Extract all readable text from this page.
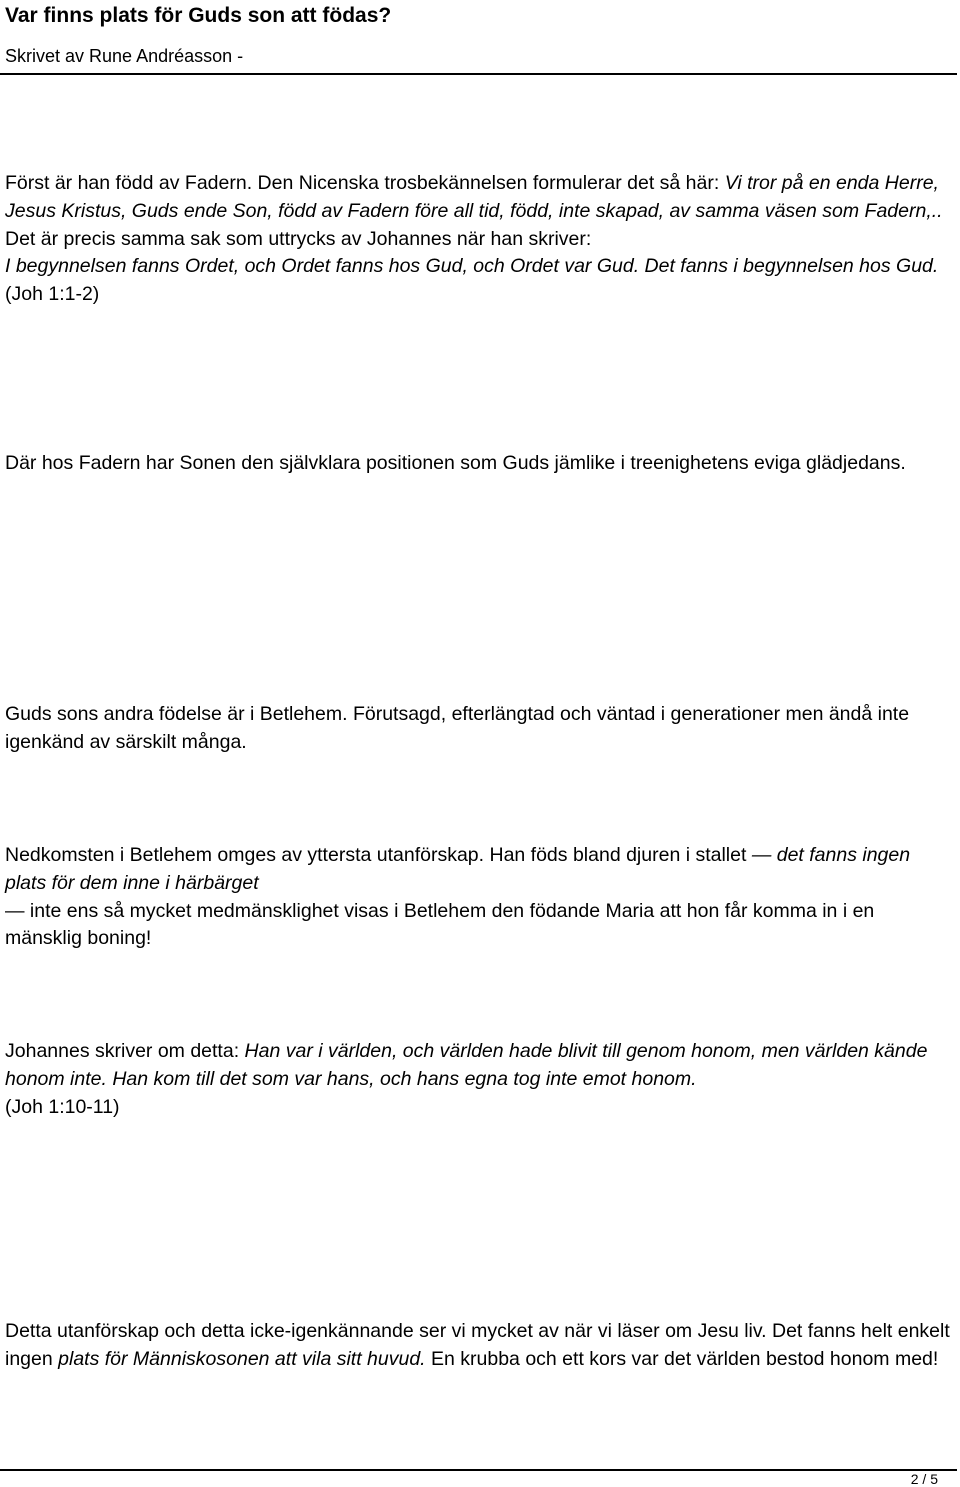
Var finns plats för Guds son att födas?
Skrivet av Rune Andréasson -

Först är han född av Fadern. Den Nicenska trosbekännelsen formulerar det så här: Vi tror på en enda Herre, Jesus Kristus, Guds ende Son, född av Fadern före all tid, född, inte skapad, av samma väsen som Fadern,..
Det är precis samma sak som uttrycks av Johannes när han skriver:
I begynnelsen fanns Ordet, och Ordet fanns hos Gud, och Ordet var Gud. Det fanns i begynnelsen hos Gud.
(Joh 1:1-2)

Där hos Fadern har Sonen den självklara positionen som Guds jämlike i treenighetens eviga glädjedans.

Guds sons andra födelse är i Betlehem. Förutsagd, efterlängtad och väntad i generationer men ändå inte igenkänd av särskilt många.

Nedkomsten i Betlehem omges av yttersta utanförskap. Han föds bland djuren i stallet — det fanns ingen plats för dem inne i härbärget
— inte ens så mycket medmänsklighet visas i Betlehem den födande Maria att hon får komma in i en mänsklig boning!

Johannes skriver om detta: Han var i världen, och världen hade blivit till genom honom, men världen kände honom inte. Han kom till det som var hans, och hans egna tog inte emot honom.
(Joh 1:10-11)

Detta utanförskap och detta icke-igenkännande ser vi mycket av när vi läser om Jesu liv. Det fanns helt enkelt ingen plats för Människosonen att vila sitt huvud. En krubba och ett kors var det världen bestod honom med!

2 / 5
